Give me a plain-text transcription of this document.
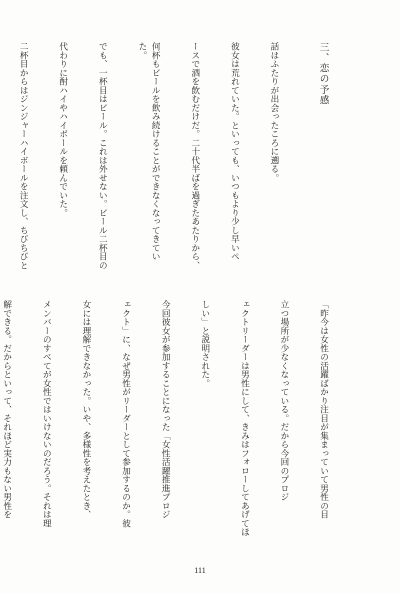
三、恋の予感

話はふたりが出会ったころに遡る。

彼女は荒れていた。といっても、いつもより少し早いペ

ースで酒を飲むだけだ。二十代半ばを過ぎたあたりから、

何杯もビールを飲み続けることができなくなってきていた。

でも、一杯目はビール。これは外せない。ビール二杯目の

代わりに酎ハイやハイボールを頼んでいた。

二杯目からはジンジャーハイボールを注文し、ちびちびと

「昨今は女性の活躍ばかり注目が集まっていて男性の目

立つ場所が少なくなっている。だから今回のプロジ

ェクトリーダーは男性にして、きみはフォローしてあげてほ

しい」と説明された。

今回彼女が参加することになった「女性活躍推進プロジ

ェクト」に、なぜ男性がリーダーとして参加するのか。彼

女には理解できなかった。いや、多様性を考えたとき、

メンバーのすべてが女性ではいけないのだろう。それは理

解できる。だからといって、それほど実力もない男性を

111
